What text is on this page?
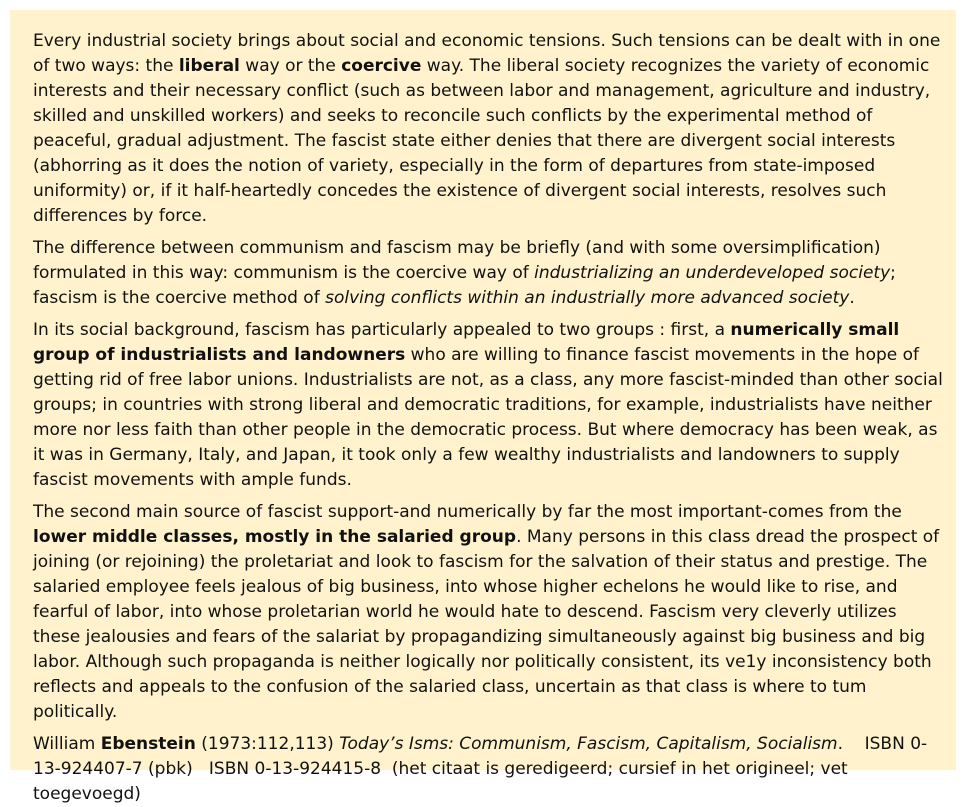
Every industrial society brings about social and economic tensions. Such tensions can be dealt with in one of two ways: the liberal way or the coercive way. The liberal society recognizes the variety of economic interests and their necessary conflict (such as between labor and management, agriculture and industry, skilled and unskilled workers) and seeks to reconcile such conflicts by the experimental method of peaceful, gradual adjustment. The fascist state either denies that there are divergent social interests (abhorring as it does the notion of variety, especially in the form of departures from state-imposed uniformity) or, if it half-heartedly concedes the existence of divergent social interests, resolves such differences by force.

The difference between communism and fascism may be briefly (and with some oversimplification) formulated in this way: communism is the coercive way of industrializing an underdeveloped society; fascism is the coercive method of solving conflicts within an industrially more advanced society.

In its social background, fascism has particularly appealed to two groups : first, a numerically small group of industrialists and landowners who are willing to finance fascist movements in the hope of getting rid of free labor unions. Industrialists are not, as a class, any more fascist-minded than other social groups; in countries with strong liberal and democratic traditions, for example, industrialists have neither more nor less faith than other people in the democratic process. But where democracy has been weak, as it was in Germany, Italy, and Japan, it took only a few wealthy industrialists and landowners to supply fascist movements with ample funds.

The second main source of fascist support-and numerically by far the most important-comes from the lower middle classes, mostly in the salaried group. Many persons in this class dread the prospect of joining (or rejoining) the proletariat and look to fascism for the salvation of their status and prestige. The salaried employee feels jealous of big business, into whose higher echelons he would like to rise, and fearful of labor, into whose proletarian world he would hate to descend. Fascism very cleverly utilizes these jealousies and fears of the salariat by propagandizing simultaneously against big business and big labor. Although such propaganda is neither logically nor politically consistent, its ve1y inconsistency both reflects and appeals to the confusion of the salaried class, uncertain as that class is where to tum politically.

William Ebenstein (1973:112,113) Today’s Isms: Communism, Fascism, Capitalism, Socialism.    ISBN 0-13-924407-7 (pbk)   ISBN 0-13-924415-8  (het citaat is geredigeerd; cursief in het origineel; vet toegevoegd)
